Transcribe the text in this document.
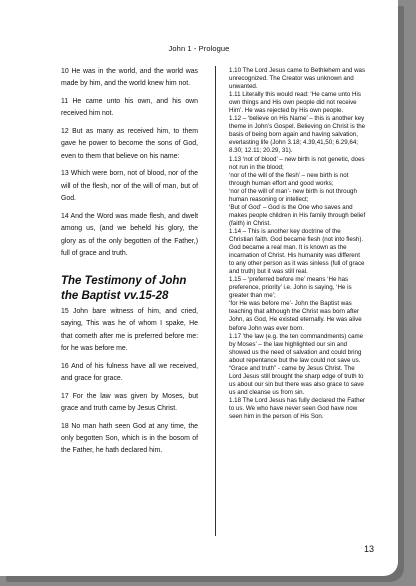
John 1 - Prologue

10 He was in the world, and the world was made by him, and the world knew him not.

11 He came unto his own, and his own received him not.

12 But as many as received him, to them gave he power to become the sons of God, even to them that believe on his name:

13 Which were born, not of blood, nor of the will of the flesh, nor of the will of man, but of God.

14 And the Word was made flesh, and dwelt among us, (and we beheld his glory, the glory as of the only begotten of the Father,) full of grace and truth.

The Testimony of John the Baptist vv.15-28

15 John bare witness of him, and cried, saying, This was he of whom I spake, He that cometh after me is preferred before me: for he was before me.

16 And of his fulness have all we received, and grace for grace.

17 For the law was given by Moses, but grace and truth came by Jesus Christ.

18 No man hath seen God at any time, the only begotten Son, which is in the bosom of the Father, he hath declared him.

1.10 The Lord Jesus came to Bethlehem and was unrecognized. The Creator was unknown and unwanted.

1.11 Literally this would read: ‘He came unto His own things and His own people did not receive Him’. He was rejected by His own people.

1.12 – ‘believe on His Name’ – this is another key theme in John’s Gospel. Believing on Christ is the basis of being born again and having salvation, everlasting life (John 3.18; 4.39,41,50; 6.29,64; 8.30; 12.11; 20.29, 31).

1.13 ‘not of blood’ – new birth is not genetic, does not run in the blood;

‘nor of the will of the flesh’ – new birth is not through human effort and good works;

‘nor of the will of man’- new birth is not through human reasoning or intellect;

‘But of God’ – God is the One who saves and makes people children in His family through belief (faith) in Christ.

1.14 – This is another key doctrine of the Christian faith. God became flesh (not into flesh). God became a real man. It is known as the incarnation of Christ. His humanity was different to any other person as it was sinless (full of grace and truth) but it was still real.

1.15 – ‘preferred before me’ means ‘He has preference, priority’ i.e. John is saying, ‘He is greater than me’;

‘for He was before me’- John the Baptist was teaching that although the Christ was born after John, as God, He existed eternally. He was alive before John was ever born.

1.17 ‘the law (e.g. the ten commandments) came by Moses’ – the law highlighted our sin and showed us the need of salvation and could bring about repentance but the law could not save us.

“Grace and truth” - came by Jesus Christ. The Lord Jesus still brought the sharp edge of truth to us about our sin but there was also grace to save us and cleanse us from sin.

1.18 The Lord Jesus has fully declared the Father to us. We who have never seen God have now seen him in the person of His Son.

13
